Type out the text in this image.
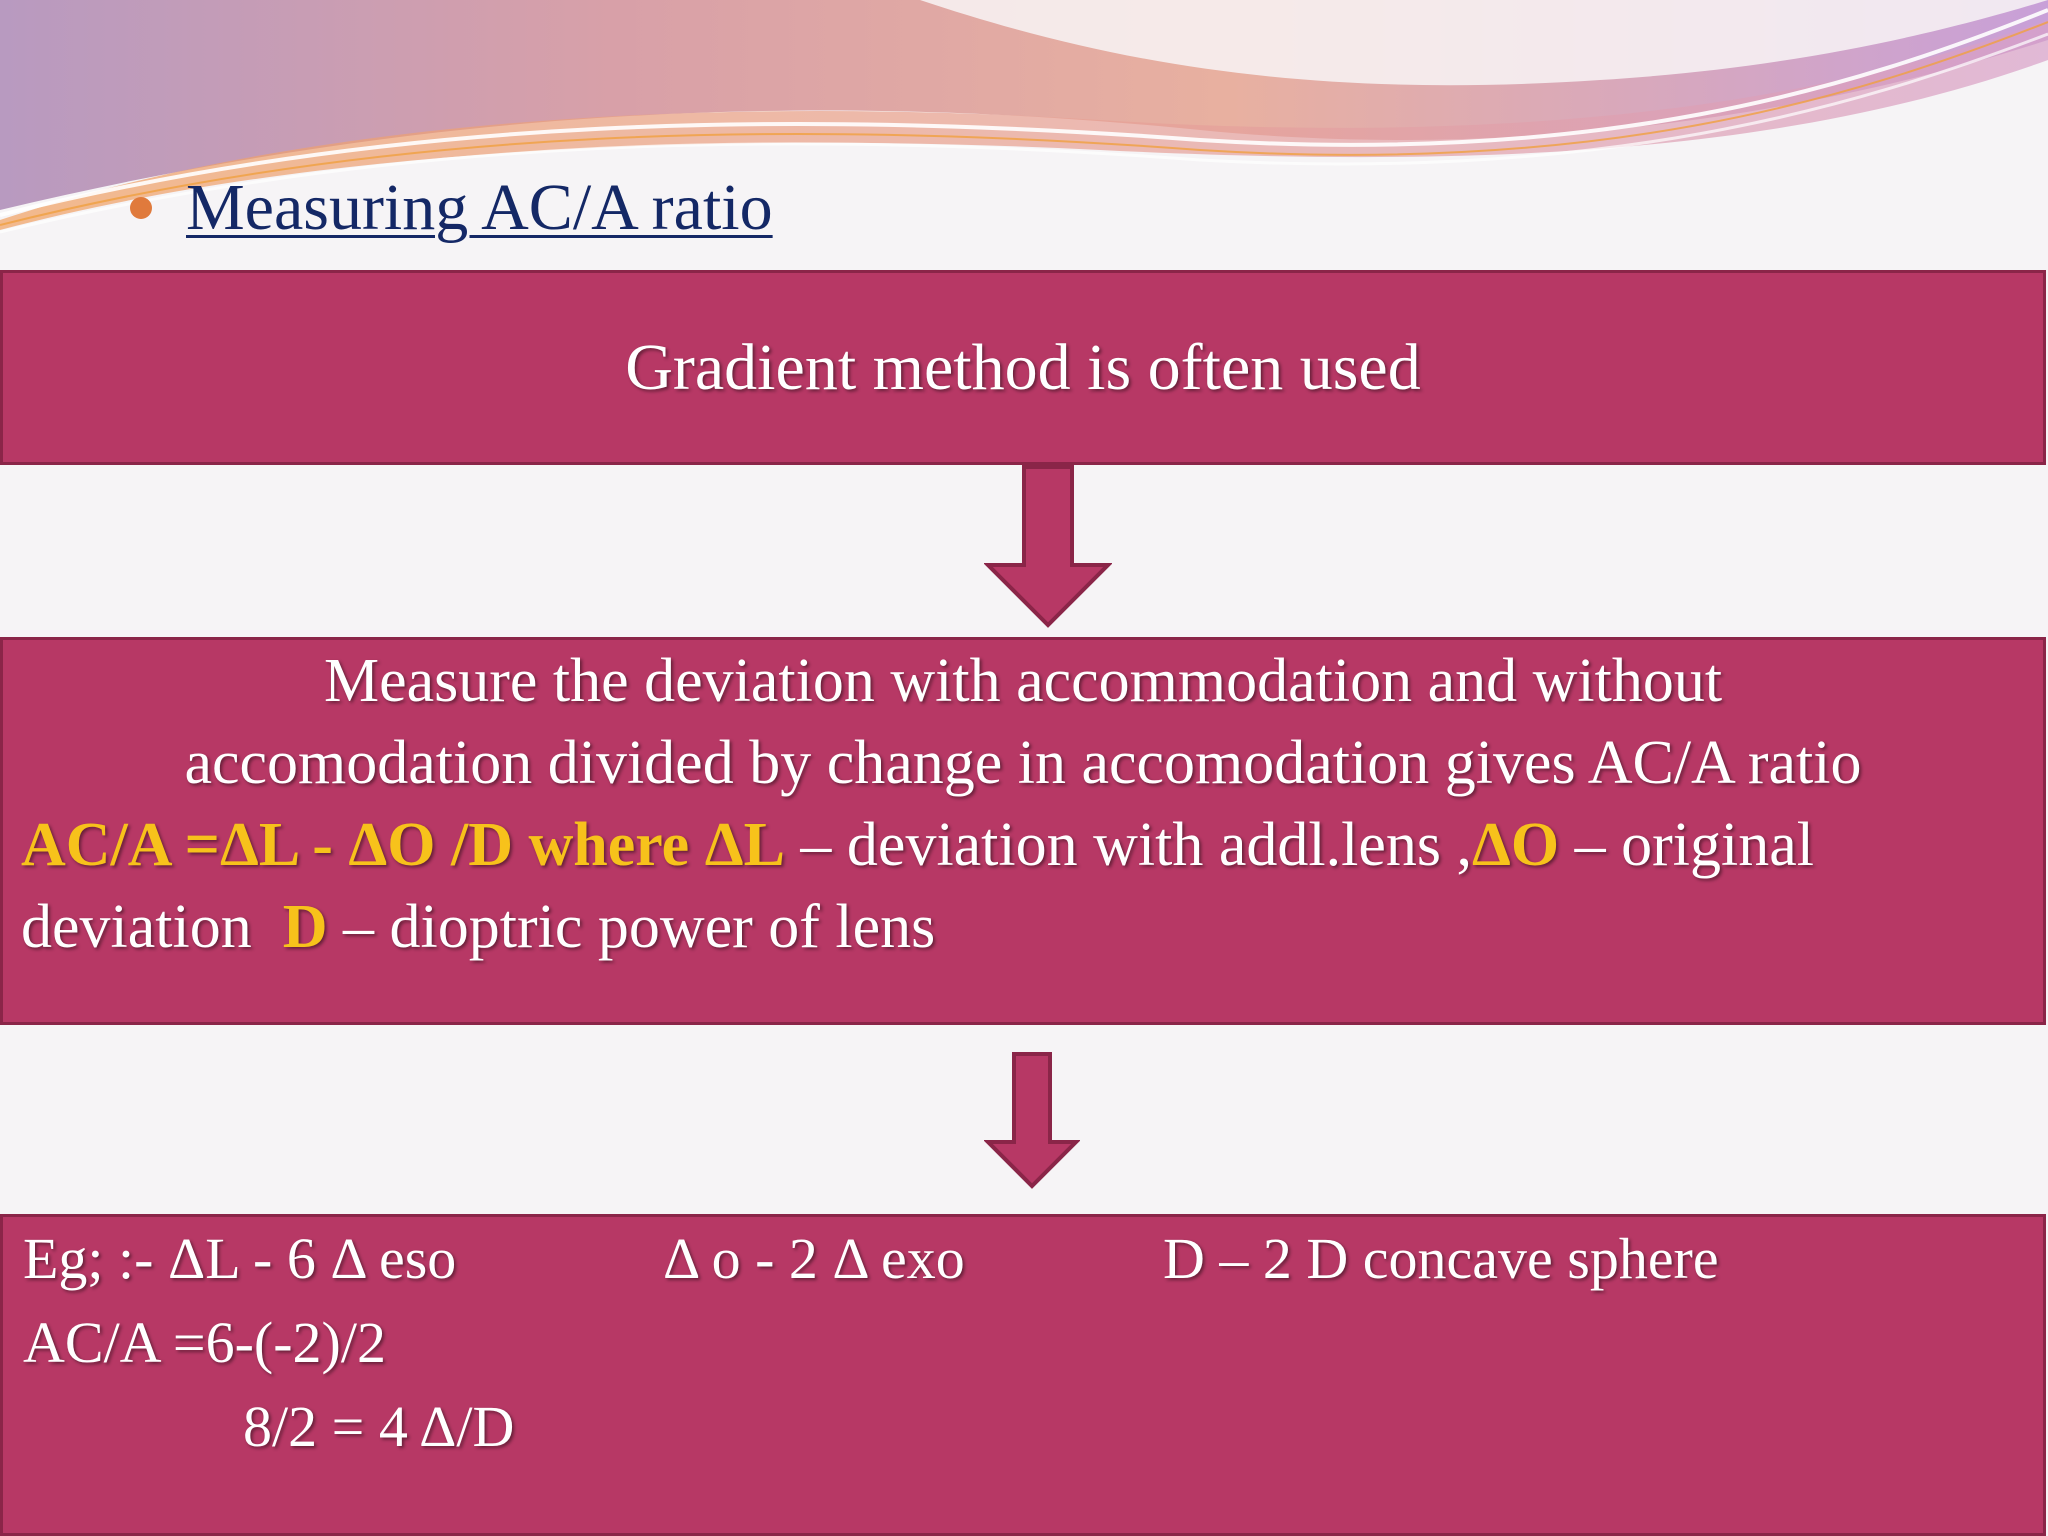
Measuring AC/A ratio
Gradient method is often used
Measure the deviation with accommodation and without
accomodation divided by change in accomodation gives AC/A ratio
AC/A =ΔL - ΔO /D where ΔL – deviation with addl.lens ,ΔO – original
deviation D – dioptric power of lens
Eg; :- ΔL - 6 Δ eso	Δ o - 2 Δ exo	D – 2 D concave sphere
AC/A =6-(-2)/2
8/2 = 4 Δ/D
